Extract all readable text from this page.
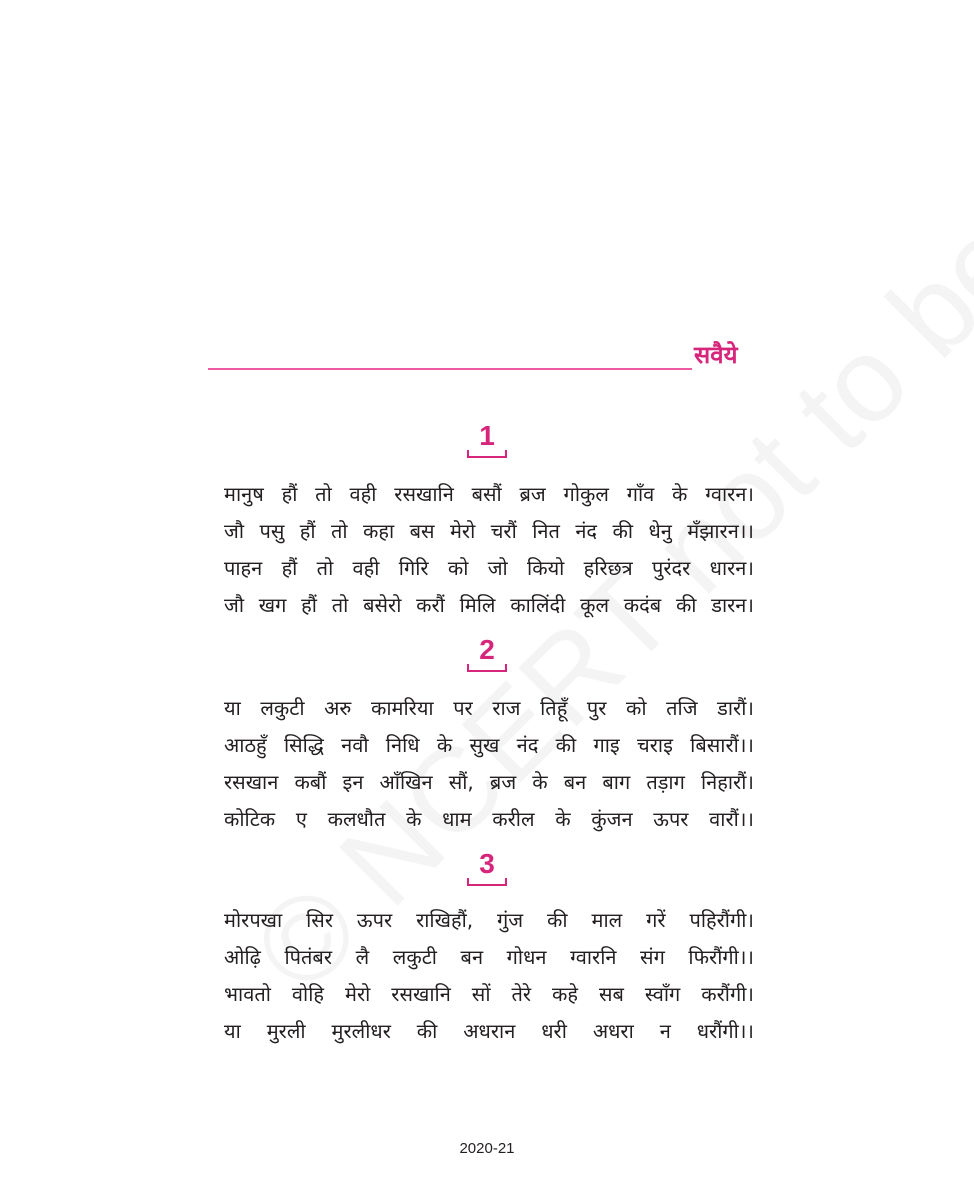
सवैये
1
मानुष हौं तो वही रसखानि बसौं ब्रज गोकुल गाँव के ग्वारन।
जौ पसु हौं तो कहा बस मेरो चरौं नित नंद की धेनु मँझारन।।
पाहन हौं तो वही गिरि को जो कियो हरिछत्र पुरंदर धारन।
जौ खग हौं तो बसेरो करौं मिलि कालिंदी कूल कदंब की डारन।
2
या लकुटी अरु कामरिया पर राज तिहूँ पुर को तजि डारौं।
आठहुँ सिद्धि नवौ निधि के सुख नंद की गाइ चराइ बिसारौं।।
रसखान कबौं इन आँखिन सौं, ब्रज के बन बाग तड़ाग निहारौं।
कोटिक ए कलधौत के धाम करील के कुंजन ऊपर वारौं।।
3
मोरपखा सिर ऊपर राखिहौं, गुंज की माल गरें पहिरौंगी।
ओढ़ि पितंबर लै लकुटी बन गोधन ग्वारनि संग फिरौंगी।।
भावतो वोहि मेरो रसखानि सों तेरे कहे सब स्वाँग करौंगी।
या मुरली मुरलीधर की अधरान धरी अधरा न धरौंगी।।
2020-21
